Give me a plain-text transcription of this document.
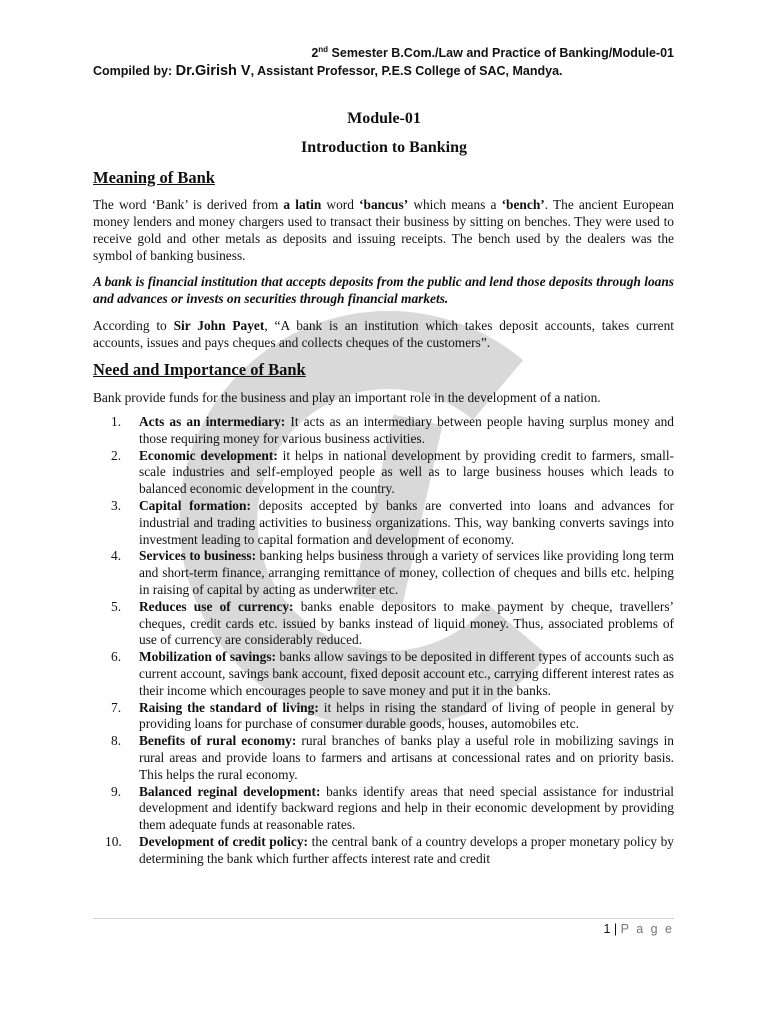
2nd Semester B.Com./Law and Practice of Banking/Module-01
Compiled by: Dr.Girish V, Assistant Professor, P.E.S College of SAC, Mandya.
Module-01
Introduction to Banking
Meaning of Bank
The word ‘Bank’ is derived from a latin word ‘bancus’ which means a ‘bench’. The ancient European money lenders and money chargers used to transact their business by sitting on benches. They were used to receive gold and other metals as deposits and issuing receipts. The bench used by the dealers was the symbol of banking business.
A bank is financial institution that accepts deposits from the public and lend those deposits through loans and advances or invests on securities through financial markets.
According to Sir John Payet, “A bank is an institution which takes deposit accounts, takes current accounts, issues and pays cheques and collects cheques of the customers”.
Need and Importance of Bank
Bank provide funds for the business and play an important role in the development of a nation.
1. Acts as an intermediary: It acts as an intermediary between people having surplus money and those requiring money for various business activities.
2. Economic development: it helps in national development by providing credit to farmers, small-scale industries and self-employed people as well as to large business houses which leads to balanced economic development in the country.
3. Capital formation: deposits accepted by banks are converted into loans and advances for industrial and trading activities to business organizations. This, way banking converts savings into investment leading to capital formation and development of economy.
4. Services to business: banking helps business through a variety of services like providing long term and short-term finance, arranging remittance of money, collection of cheques and bills etc. helping in raising of capital by acting as underwriter etc.
5. Reduces use of currency: banks enable depositors to make payment by cheque, travellers’ cheques, credit cards etc. issued by banks instead of liquid money. Thus, associated problems of use of currency are considerably reduced.
6. Mobilization of savings: banks allow savings to be deposited in different types of accounts such as current account, savings bank account, fixed deposit account etc., carrying different interest rates as their income which encourages people to save money and put it in the banks.
7. Raising the standard of living: it helps in rising the standard of living of people in general by providing loans for purchase of consumer durable goods, houses, automobiles etc.
8. Benefits of rural economy: rural branches of banks play a useful role in mobilizing savings in rural areas and provide loans to farmers and artisans at concessional rates and on priority basis. This helps the rural economy.
9. Balanced reginal development: banks identify areas that need special assistance for industrial development and identify backward regions and help in their economic development by providing them adequate funds at reasonable rates.
10. Development of credit policy: the central bank of a country develops a proper monetary policy by determining the bank which further affects interest rate and credit
1 | P a g e
